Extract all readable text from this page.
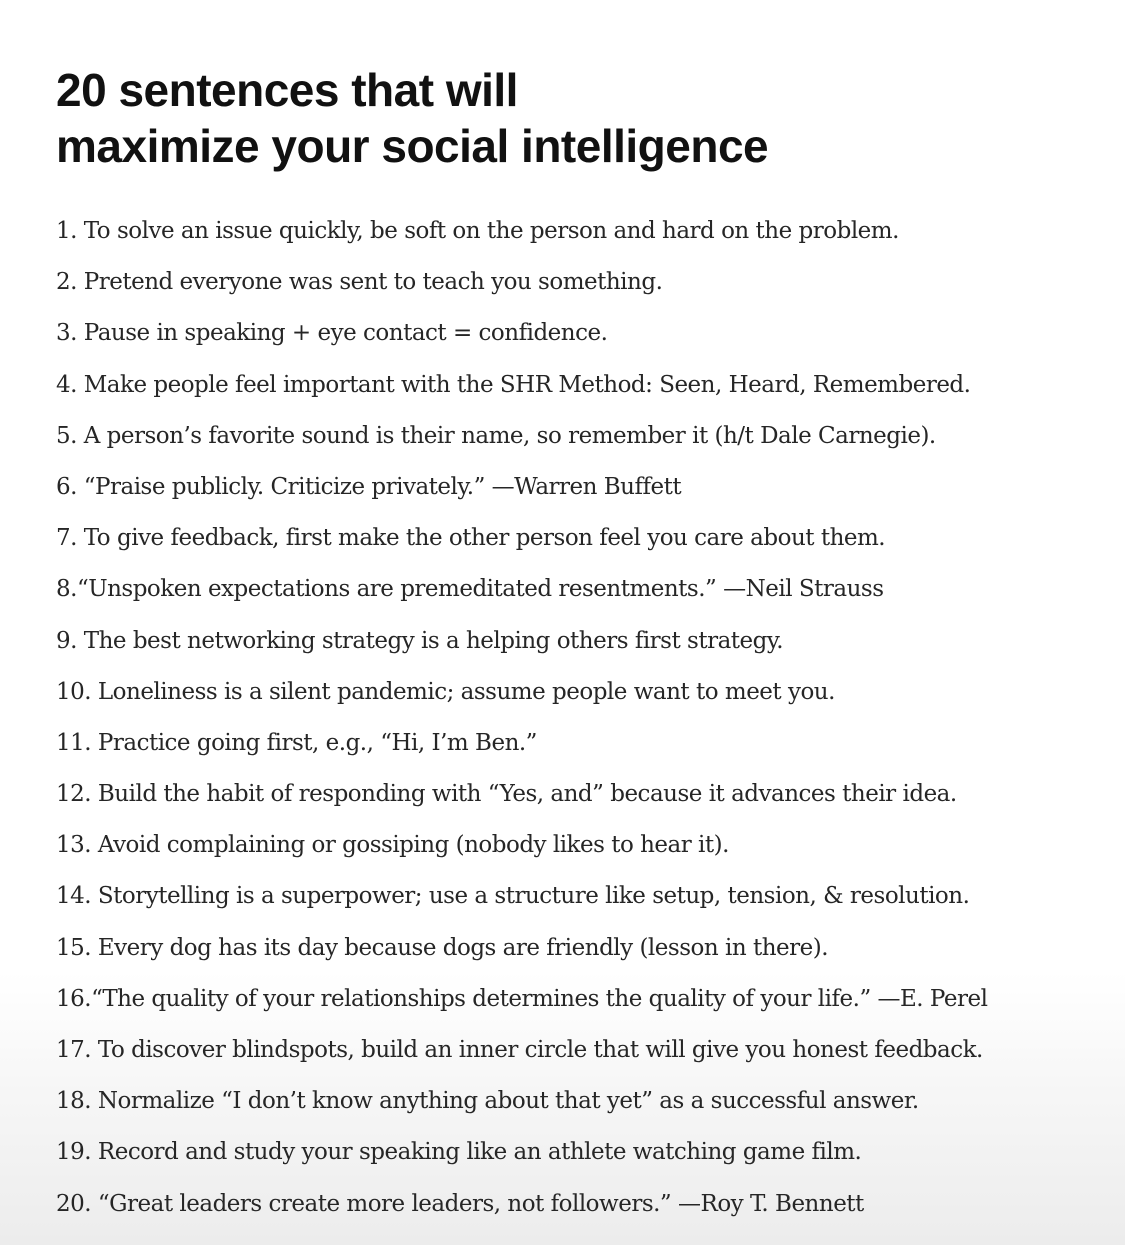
20 sentences that will
maximize your social intelligence
1. To solve an issue quickly, be soft on the person and hard on the problem.
2. Pretend everyone was sent to teach you something.
3. Pause in speaking + eye contact = confidence.
4. Make people feel important with the SHR Method: Seen, Heard, Remembered.
5. A person’s favorite sound is their name, so remember it (h/t Dale Carnegie).
6. “Praise publicly. Criticize privately.” —Warren Buffett
7. To give feedback, first make the other person feel you care about them.
8.“Unspoken expectations are premeditated resentments.” —Neil Strauss
9. The best networking strategy is a helping others first strategy.
10. Loneliness is a silent pandemic; assume people want to meet you.
11. Practice going first, e.g., “Hi, I’m Ben.”
12. Build the habit of responding with “Yes, and” because it advances their idea.
13. Avoid complaining or gossiping (nobody likes to hear it).
14. Storytelling is a superpower; use a structure like setup, tension, & resolution.
15. Every dog has its day because dogs are friendly (lesson in there).
16.“The quality of your relationships determines the quality of your life.” —E. Perel
17. To discover blindspots, build an inner circle that will give you honest feedback.
18. Normalize “I don’t know anything about that yet” as a successful answer.
19. Record and study your speaking like an athlete watching game film.
20. “Great leaders create more leaders, not followers.” —Roy T. Bennett
